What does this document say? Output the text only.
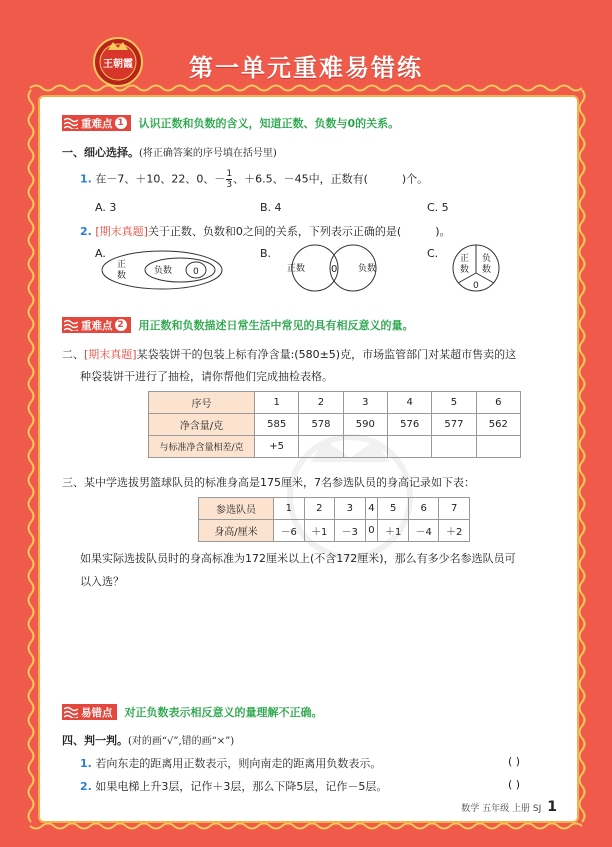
王朝霞	第一单元重难易错练
重难点 1 认识正数和负数的含义，知道正数、负数与0的关系。
一、细心选择。(将正确答案的序号填在括号里)
1. 在－7、＋10、22、0、－ $\frac{1}{3}$ 、＋6.5、－45中，正数有(	)个。
A. 3	B. 4	C. 5
2. [期末真题]关于正数、负数和0之间的关系，下列表示正确的是(	)。
A.
正
数	负数 0
B.
正数	0 负数
C. 正
数
负
数
0
重难点 2 用正数和负数描述日常生活中常见的具有相反意义的量。
二、[期末真题]某袋装饼干的包装上标有净含量:(580±5)克，市场监管部门对某超市售卖的这
种袋装饼干进行了抽检，请你帮他们完成抽检表格。
序号	1	2	3	4	5	6
净含量/克	585	578	590	576	577	562
与标准净含量相差/克	+5					
三、某中学选拔男篮球队员的标准身高是175厘米，7名参选队员的身高记录如下表：
参选队员	1	2	3	4	5	6	7
身高/厘米	－6	＋1	－3	0	＋1	－4	＋2
如果实际选拔队员时的身高标准为172厘米以上(不含172厘米)，那么有多少名参选队员可
以入选？
易错点 对正负数表示相反意义的量理解不正确。
四、判一判。(对的画“√”,错的画“×”)
1. 若向东走的距离用正数表示，则向南走的距离用负数表示。	( )
2. 如果电梯上升3层，记作＋3层，那么下降5层，记作－5层。	( )
数学 五年级 上册 SJ 1
